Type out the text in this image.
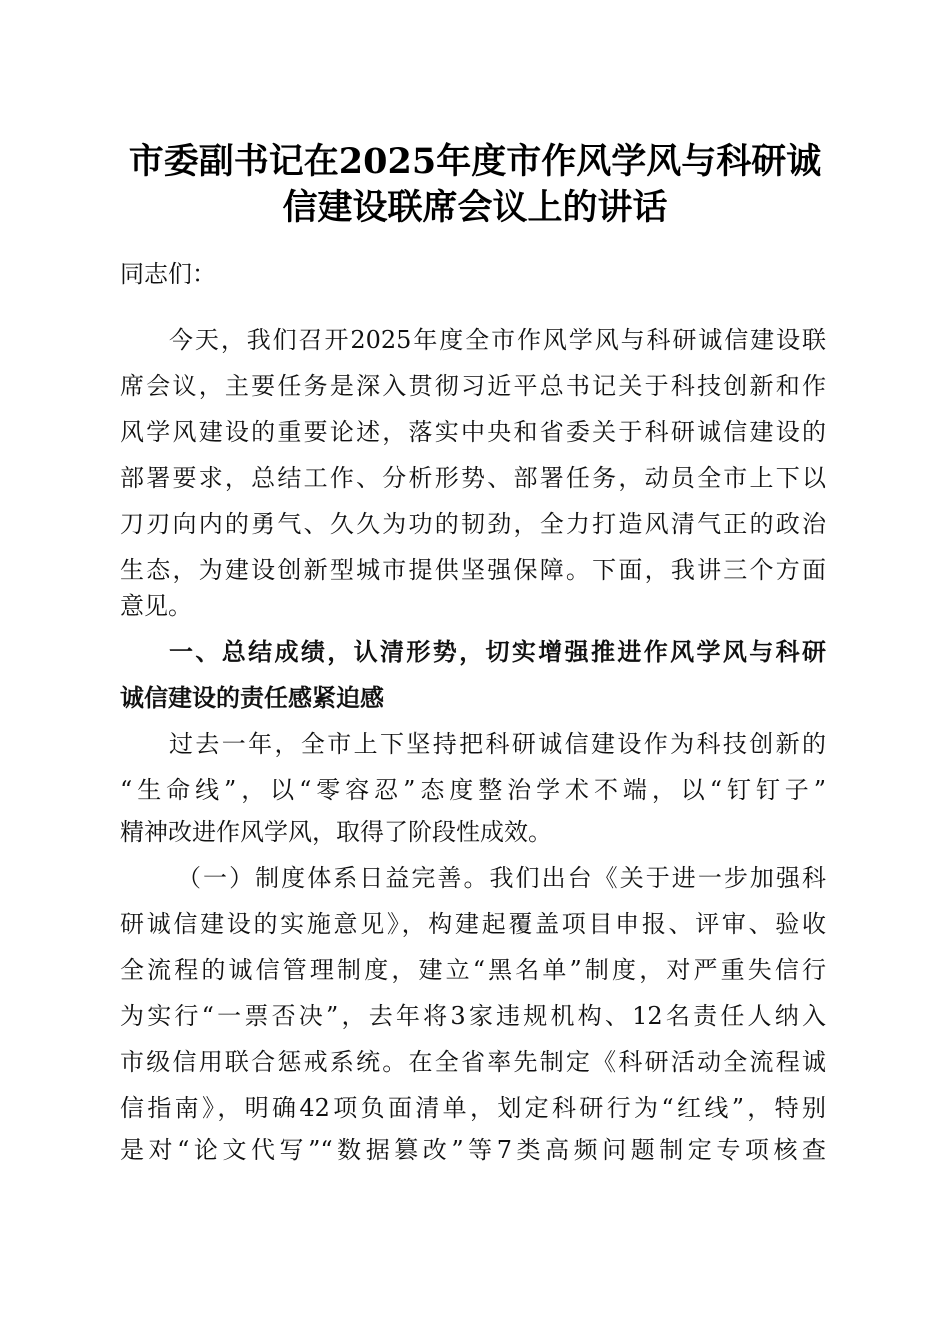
市委副书记在2025年度市作风学风与科研诚
信建设联席会议上的讲话
同志们：
今天，我们召开2025年度全市作风学风与科研诚信建设联
席会议，主要任务是深入贯彻习近平总书记关于科技创新和作
风学风建设的重要论述，落实中央和省委关于科研诚信建设的
部署要求，总结工作、分析形势、部署任务，动员全市上下以
刀刃向内的勇气、久久为功的韧劲，全力打造风清气正的政治
生态，为建设创新型城市提供坚强保障。下面，我讲三个方面
意见。
一、总结成绩，认清形势，切实增强推进作风学风与科研
诚信建设的责任感紧迫感
过去一年，全市上下坚持把科研诚信建设作为科技创新的
“生命线”，以“零容忍”态度整治学术不端，以“钉钉子”
精神改进作风学风，取得了阶段性成效。
（一）制度体系日益完善。我们出台《关于进一步加强科
研诚信建设的实施意见》，构建起覆盖项目申报、评审、验收
全流程的诚信管理制度，建立“黑名单”制度，对严重失信行
为实行“一票否决”，去年将3家违规机构、12名责任人纳入
市级信用联合惩戒系统。在全省率先制定《科研活动全流程诚
信指南》，明确42项负面清单，划定科研行为“红线”，特别
是对“论文代写”“数据篡改”等7类高频问题制定专项核查
